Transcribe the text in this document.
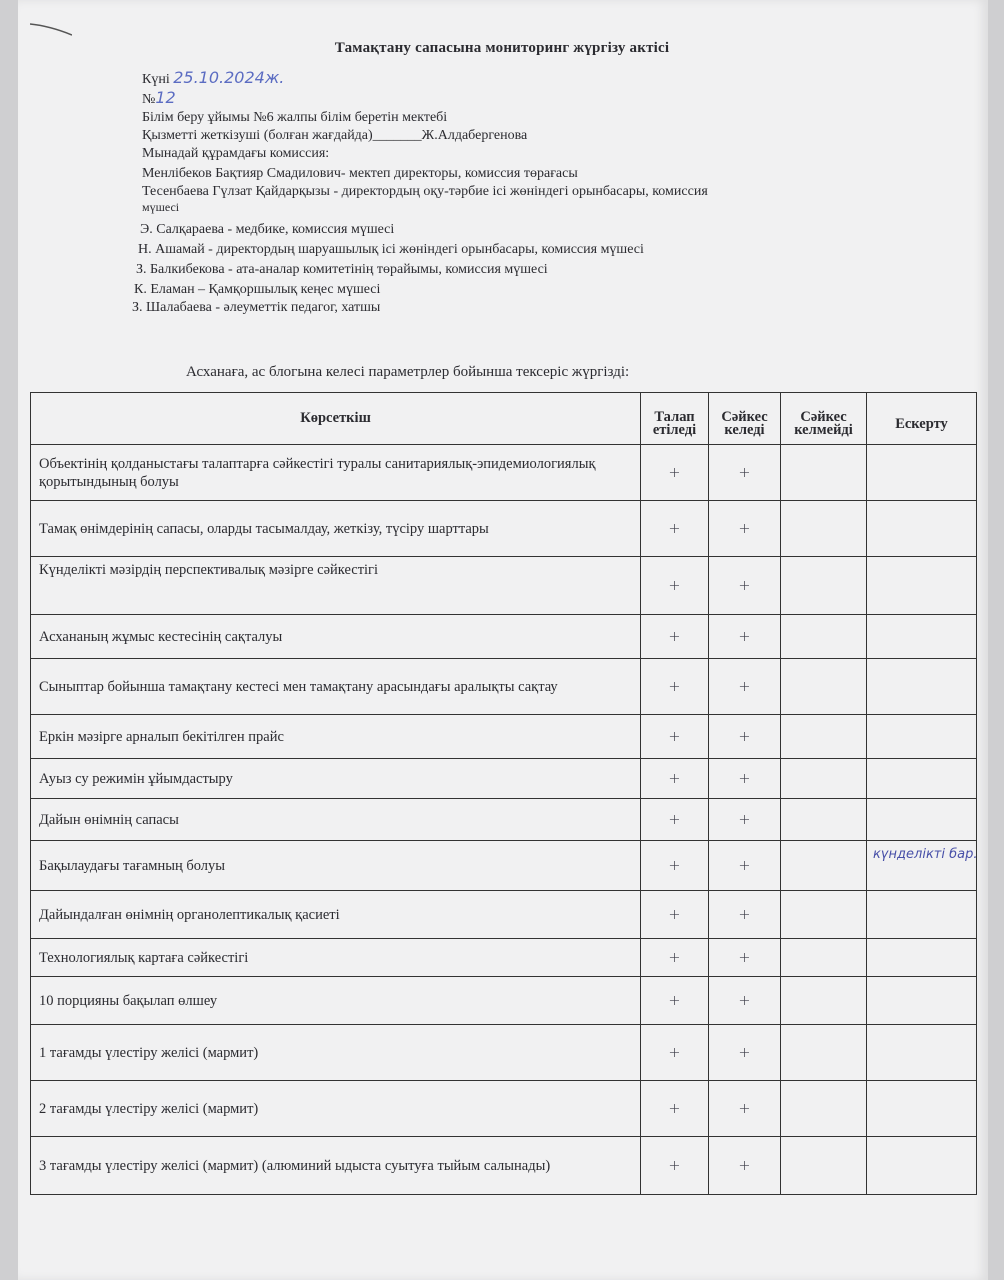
Тамақтану сапасына мониторинг жүргізу актісі
Күні 25.10.2024ж.
№12
Білім беру ұйымы №6 жалпы білім беретін мектебі
Қызметті жеткізуші (болған жағдайда)_______Ж.Алдабергенова
Мынадай құрамдағы комиссия:
Менлібеков Бақтияр Смадилович- мектеп директоры, комиссия төрағасы
Тесенбаева Гүлзат Қайдарқызы - директордың оқу-тәрбие ісі жөніндегі орынбасары, комиссия
мүшесі
Э. Салқараева - медбике, комиссия мүшесі
Н. Ашамай - директордың шаруашылық ісі жөніндегі орынбасары, комиссия мүшесі
З. Балкибекова - ата-аналар комитетінің төрайымы, комиссия мүшесі
К. Еламан – Қамқоршылық кеңес мүшесі
З. Шалабаева - әлеуметтік педагог, хатшы
Асханаға, ас блогына келесі параметрлер бойынша тексеріс жүргізді:
Көрсеткіш	Талап етіледі	Сәйкес келеді	Сәйкес келмейді	Ескерту
Объектінің қолданыстағы талаптарға сәйкестігі туралы санитариялық-эпидемиологиялық қорытындының болуы	+	+		

Тамақ өнімдерінің сапасы, оларды тасымалдау, жеткізу, түсіру шарттары	+	+		

Күнделікті мәзірдің перспективалық мәзірге сәйкестігі	+	+		

Асхананың жұмыс кестесінің сақталуы	+	+		

Сыныптар бойынша тамақтану кестесі мен тамақтану арасындағы аралықты сақтау	+	+		

Еркін мәзірге арналып бекітілген прайс	+	+		

Ауыз су режимін ұйымдастыру	+	+		

Дайын өнімнің сапасы	+	+		

Бақылаудағы тағамның болуы	+	+		күнделікті бар.

Дайындалған өнімнің органолептикалық қасиеті	+	+		

Технологиялық картаға сәйкестігі	+	+		

10 порцияны бақылап өлшеу	+	+		

1 тағамды үлестіру желісі (мармит)	+	+		

2 тағамды үлестіру желісі (мармит)	+	+		

3 тағамды үлестіру желісі (мармит) (алюминий ыдыста суытуға тыйым салынады)	+	+		
